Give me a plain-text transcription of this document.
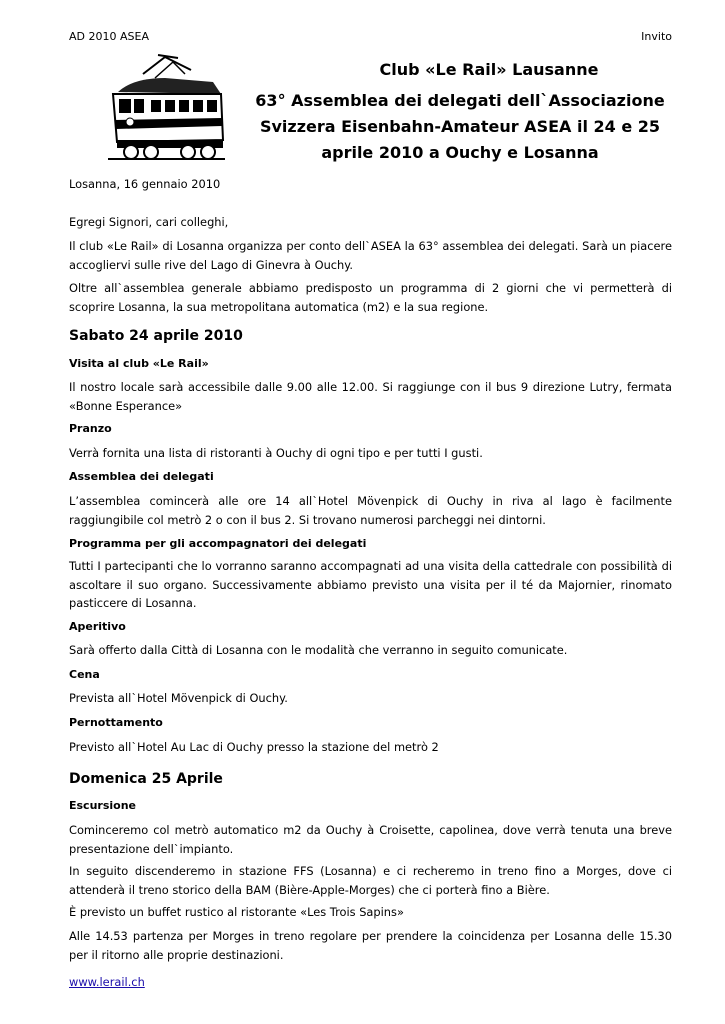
AD 2010 ASEA	Invito
Club «Le Rail» Lausanne
63° Assemblea dei delegati dell`Associazione Svizzera Eisenbahn-Amateur ASEA il 24 e 25 aprile 2010 a Ouchy e Losanna
Losanna, 16 gennaio 2010
Egregi Signori, cari colleghi,
Il club «Le Rail» di Losanna organizza per conto dell`ASEA la 63° assemblea dei delegati. Sarà un piacere accogliervi sulle rive del Lago di Ginevra à Ouchy.
Oltre all`assemblea generale abbiamo predisposto un programma di 2 giorni che vi permetterà di scoprire Losanna, la sua metropolitana automatica (m2) e la sua regione.
Sabato 24 aprile 2010
Visita al club «Le Rail»
Il nostro locale sarà accessibile dalle 9.00 alle 12.00. Si raggiunge con il bus 9 direzione Lutry, fermata «Bonne Esperance»
Pranzo
Verrà fornita una lista di ristoranti à Ouchy di ogni tipo e per tutti I gusti.
Assemblea dei delegati
L’assemblea comincerà alle ore 14 all`Hotel Mövenpick di Ouchy in riva al lago è facilmente raggiungibile col metrò 2 o con il bus 2. Si trovano numerosi parcheggi nei dintorni.
Programma per gli accompagnatori dei delegati
Tutti I partecipanti che lo vorranno saranno accompagnati ad una visita della cattedrale con possibilità di ascoltare il suo organo. Successivamente abbiamo previsto una visita per il té da Majornier, rinomato pasticcere di Losanna.
Aperitivo
Sarà offerto dalla Città di Losanna con le modalità che verranno in seguito comunicate.
Cena
Prevista all`Hotel Mövenpick di Ouchy.
Pernottamento
Previsto all`Hotel Au Lac di Ouchy presso la stazione del metrò 2
Domenica 25 Aprile
Escursione
Cominceremo col metrò automatico m2 da Ouchy à Croisette, capolinea, dove verrà tenuta una breve presentazione dell`impianto.
In seguito discenderemo in stazione FFS (Losanna) e ci recheremo in treno fino a Morges, dove ci attenderà il treno storico della BAM (Bière-Apple-Morges) che ci porterà fino a Bière.
È previsto un buffet rustico al ristorante «Les Trois Sapins»
Alle 14.53 partenza per Morges in treno regolare per prendere la coincidenza per Losanna delle 15.30 per il ritorno alle proprie destinazioni.
www.lerail.ch
